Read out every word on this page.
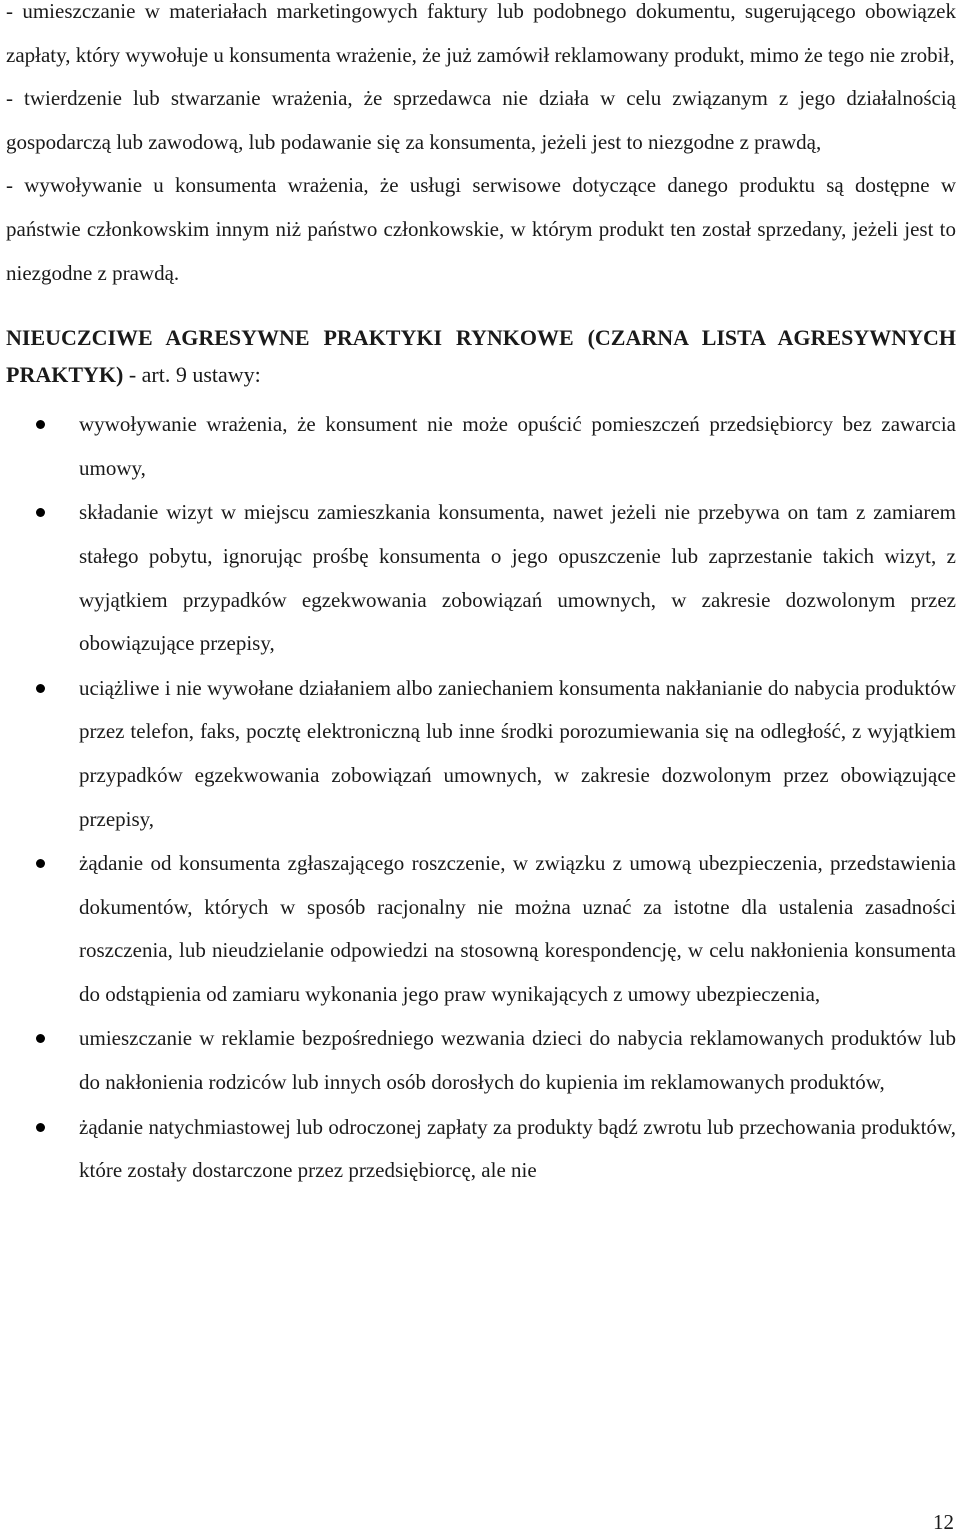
- umieszczanie w materiałach marketingowych faktury lub podobnego dokumentu, sugerującego obowiązek zapłaty, który wywołuje u konsumenta wrażenie, że już zamówił reklamowany produkt, mimo że tego nie zrobił,

- twierdzenie lub stwarzanie wrażenia, że sprzedawca nie działa w celu związanym z jego działalnością gospodarczą lub zawodową, lub podawanie się za konsumenta, jeżeli jest to niezgodne z prawdą,

- wywoływanie u konsumenta wrażenia, że usługi serwisowe dotyczące danego produktu są dostępne w państwie członkowskim innym niż państwo członkowskie, w którym produkt ten został sprzedany, jeżeli jest to niezgodne z prawdą.

NIEUCZCIWE AGRESYWNE PRAKTYKI RYNKOWE (CZARNA LISTA AGRESYWNYCH PRAKTYK) - art. 9 ustawy:

wywoływanie wrażenia, że konsument nie może opuścić pomieszczeń przedsiębiorcy bez zawarcia umowy,
składanie wizyt w miejscu zamieszkania konsumenta, nawet jeżeli nie przebywa on tam z zamiarem stałego pobytu, ignorując prośbę konsumenta o jego opuszczenie lub zaprzestanie takich wizyt, z wyjątkiem przypadków egzekwowania zobowiązań umownych, w zakresie dozwolonym przez obowiązujące przepisy,
uciążliwe i nie wywołane działaniem albo zaniechaniem konsumenta nakłanianie do nabycia produktów przez telefon, faks, pocztę elektroniczną lub inne środki porozumiewania się na odległość, z wyjątkiem przypadków egzekwowania zobowiązań umownych, w zakresie dozwolonym przez obowiązujące przepisy,
żądanie od konsumenta zgłaszającego roszczenie, w związku z umową ubezpieczenia, przedstawienia dokumentów, których w sposób racjonalny nie można uznać za istotne dla ustalenia zasadności roszczenia, lub nieudzielanie odpowiedzi na stosowną korespondencję, w celu nakłonienia konsumenta do odstąpienia od zamiaru wykonania jego praw wynikających z umowy ubezpieczenia,
umieszczanie w reklamie bezpośredniego wezwania dzieci do nabycia reklamowanych produktów lub do nakłonienia rodziców lub innych osób dorosłych do kupienia im reklamowanych produktów,
żądanie natychmiastowej lub odroczonej zapłaty za produkty bądź zwrotu lub przechowania produktów, które zostały dostarczone przez przedsiębiorcę, ale nie
12
